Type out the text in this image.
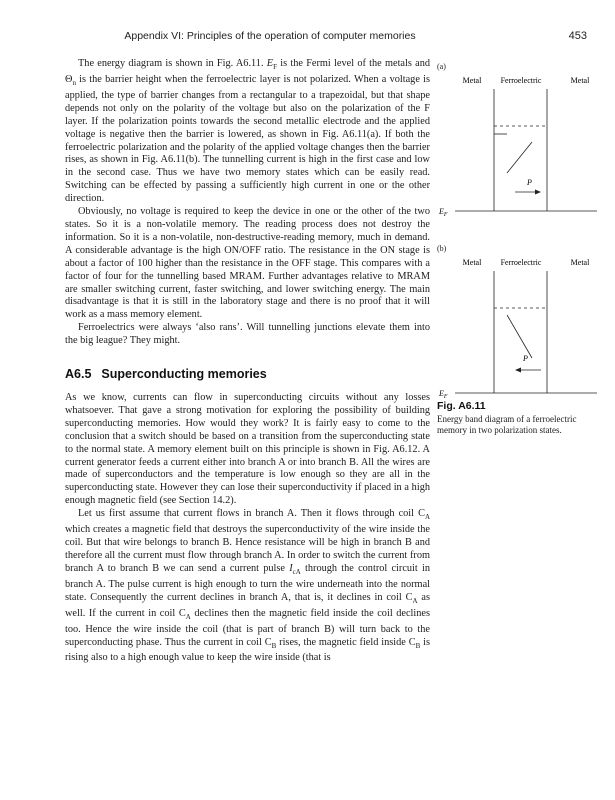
Appendix VI: Principles of the operation of computer memories	453

The energy diagram is shown in Fig. A6.11. $E_F$ is the Fermi level of the metals and $\Theta_n$ is the barrier height when the ferroelectric layer is not polarized. When a voltage is applied, the type of barrier changes from a rectangular to a trapezoidal, but that shape depends not only on the polarity of the voltage but also on the polarization of the F layer. If the polarization points towards the second metallic electrode and the applied voltage is negative then the barrier is lowered, as shown in Fig. A6.11(a). If both the ferroelectric polarization and the polarity of the applied voltage changes then the barrier rises, as shown in Fig. A6.11(b). The tunnelling current is high in the first case and low in the second case. Thus we have two memory states which can be easily read. Switching can be effected by passing a sufficiently high current in one or the other direction.

Obviously, no voltage is required to keep the device in one or the other of the two states. So it is a non-volatile memory. The reading process does not destroy the information. So it is a non-volatile, non-destructive-reading memory, much in demand. A considerable advantage is the high ON/OFF ratio. The resistance in the ON stage is about a factor of 100 higher than the resistance in the OFF stage. This compares with a factor of four for the tunnelling based MRAM. Further advantages relative to MRAM are smaller switching current, faster switching, and lower switching energy. The main disadvantage is that it is still in the laboratory stage and there is no proof that it will work as a mass memory element.

Ferroelectrics were always ‘also rans’. Will tunnelling junctions elevate them into the big league? They might.

A6.5 Superconducting memories

As we know, currents can flow in superconducting circuits without any losses whatsoever. That gave a strong motivation for exploring the possibility of building superconducting memories. How would they work? It is fairly easy to come to the conclusion that a switch should be based on a transition from the superconducting state to the normal state. A memory element built on this principle is shown in Fig. A6.12. A current generator feeds a current either into branch A or into branch B. All the wires are made of superconductors and the temperature is low enough so they are all in the superconducting state. However they can lose their superconductivity if placed in a high enough magnetic field (see Section 14.2).

Let us first assume that current flows in branch A. Then it flows through coil $C_A$ which creates a magnetic field that destroys the superconductivity of the wire inside the coil. But that wire belongs to branch B. Hence resistance will be high in branch B and therefore all the current must flow through branch A. In order to switch the current from branch A to branch B we can send a current pulse $I_{cA}$ through the control circuit in branch A. The pulse current is high enough to turn the wire underneath into the normal state. Consequently the current declines in branch A, that is, it declines in coil $C_A$ as well. If the current in coil $C_A$ declines then the magnetic field inside the coil declines too. Hence the wire inside the coil (that is part of branch B) will turn back to the superconducting phase. Thus the current in coil $C_B$ rises, the magnetic field inside $C_B$ is rising also to a high enough value to keep the wire inside (that is

(a)
Metal Ferroelectric	Metal
P
$E_F$
(b)
Metal Ferroelectric	Metal
P
$E_F$
Fig. A6.11
Energy band diagram of a ferroelectric memory in two polarization states.
